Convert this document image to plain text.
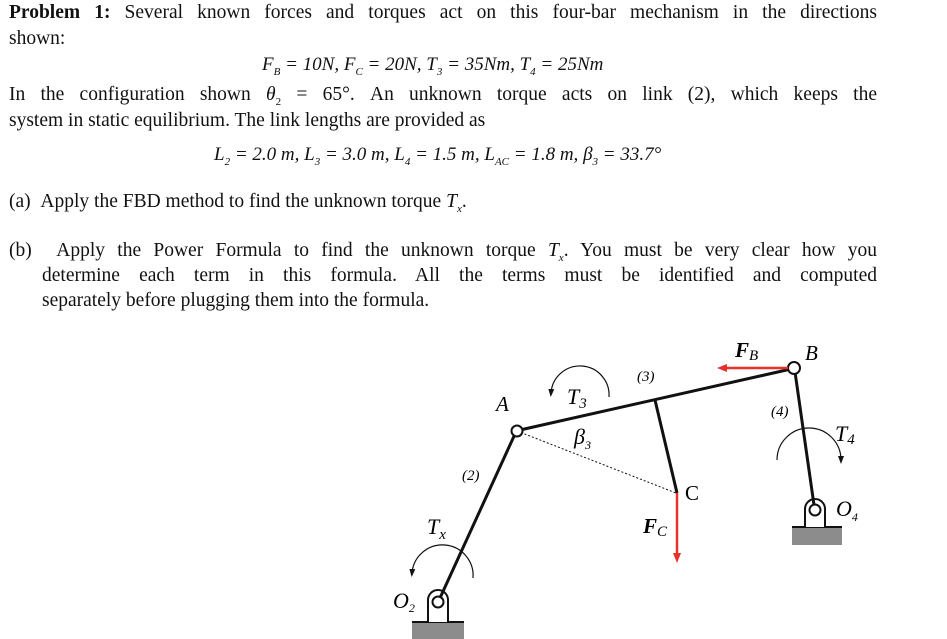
Problem 1: Several known forces and torques act on this four-bar mechanism in the directions
shown:
$F_B = 10N$, $F_C = 20N$, $T_3 = 35Nm$, $T_4 = 25Nm$
In the configuration shown $\theta_2 = 65^\circ$. An unknown torque acts on link (2), which keeps the
system in static equilibrium. The link lengths are provided as
$L_2 = 2.0$ m, $L_3 = 3.0$ m, $L_4 = 1.5$ m, $L_{AC} = 1.8$ m, $\beta_3 = 33.7^\circ$
(a) Apply the FBD method to find the unknown torque $T_x$.
(b) Apply the Power Formula to find the unknown torque $T_x$. You must be very clear how you
determine each term in this formula. All the terms must be identified and computed
separately before plugging them into the formula.
A
B
C
(2)
(3)
(4)
T3
T4
$T_x$
$\beta_3$
FB
FC
O2
$O_4$
